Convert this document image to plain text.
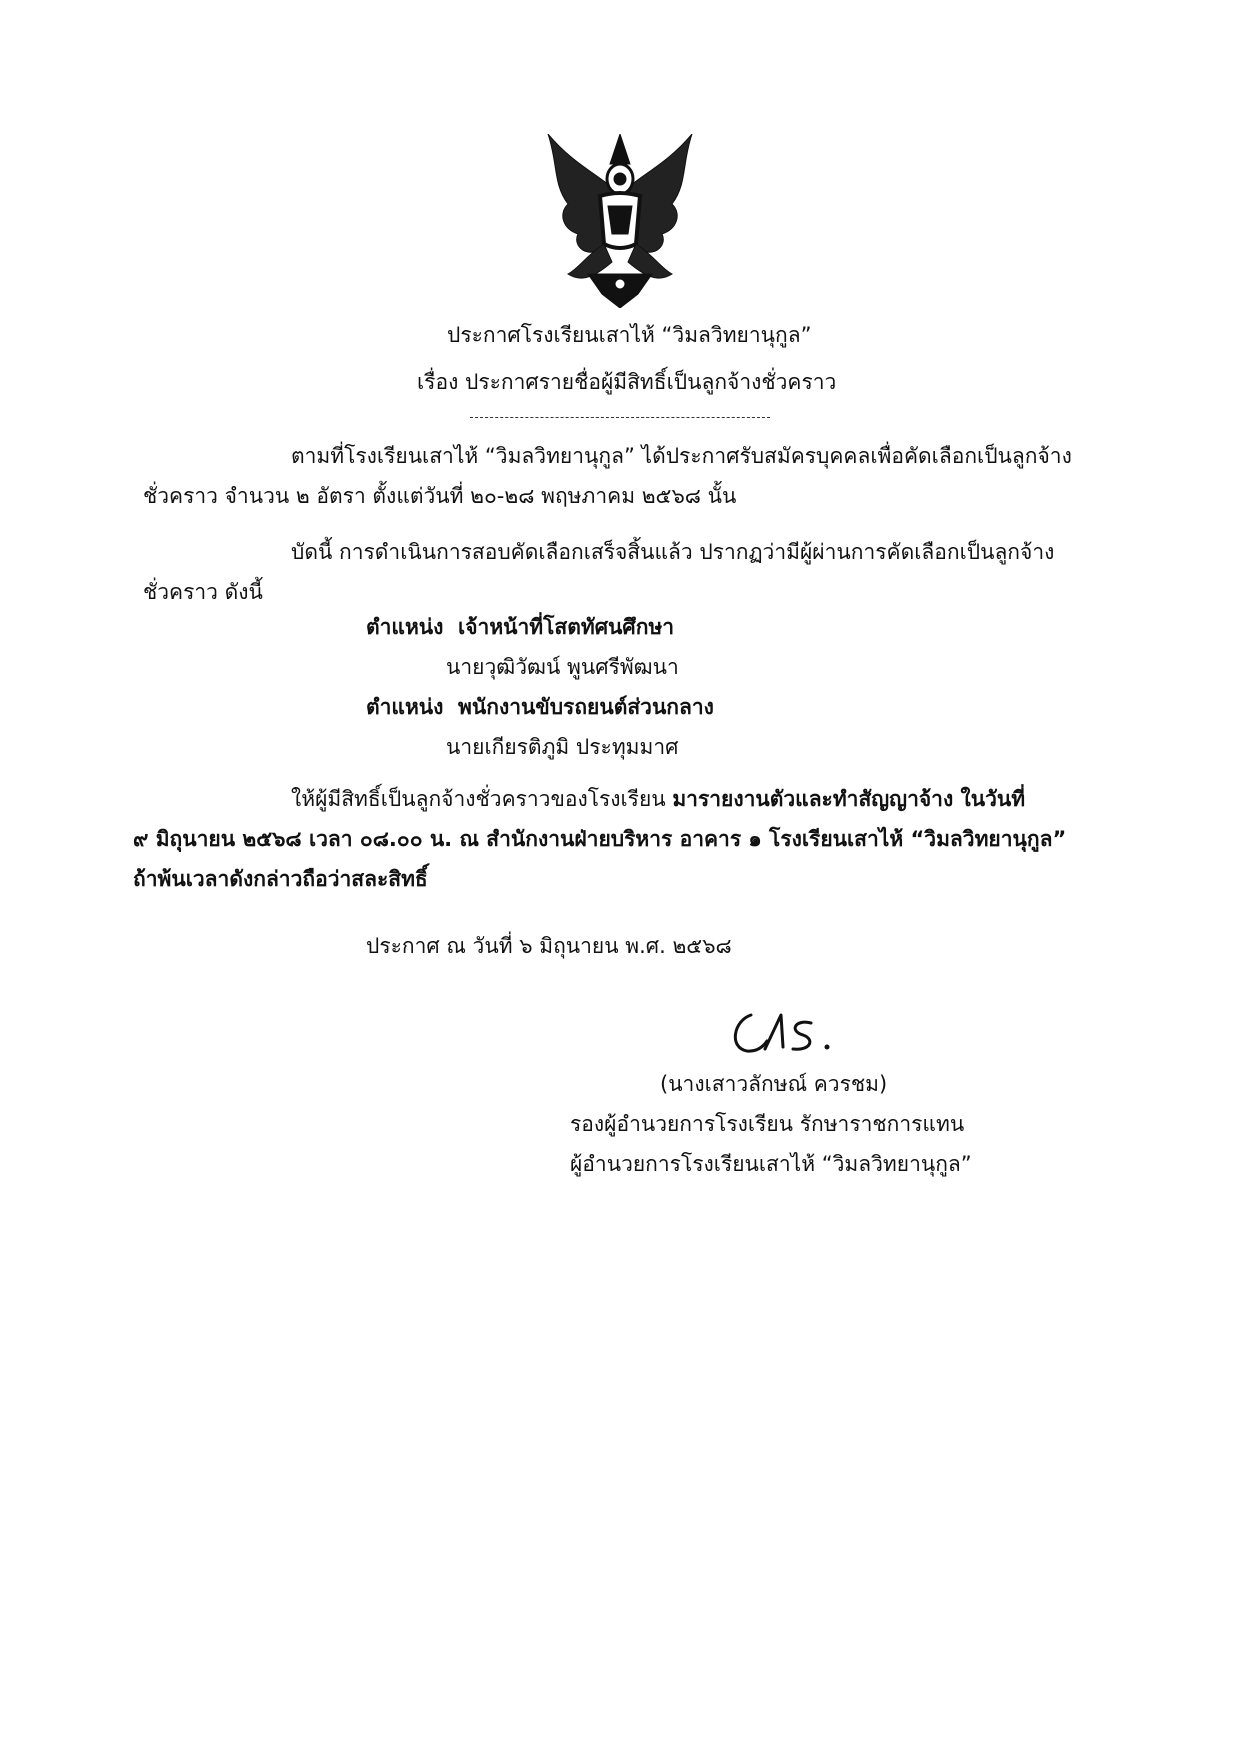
ประกาศโรงเรียนเสาไห้ “วิมลวิทยานุกูล”
เรื่อง ประกาศรายชื่อผู้มีสิทธิ์เป็นลูกจ้างชั่วคราว
ตามที่โรงเรียนเสาไห้ “วิมลวิทยานุกูล” ได้ประกาศรับสมัครบุคคลเพื่อคัดเลือกเป็นลูกจ้าง
ชั่วคราว จำนวน ๒ อัตรา ตั้งแต่วันที่ ๒๐-๒๘ พฤษภาคม ๒๕๖๘ นั้น
บัดนี้ การดำเนินการสอบคัดเลือกเสร็จสิ้นแล้ว ปรากฏว่ามีผู้ผ่านการคัดเลือกเป็นลูกจ้าง
ชั่วคราว ดังนี้
ตำแหน่ง เจ้าหน้าที่โสตทัศนศึกษา
นายวุฒิวัฒน์ พูนศรีพัฒนา
ตำแหน่ง พนักงานขับรถยนต์ส่วนกลาง
นายเกียรติภูมิ ประทุมมาศ
ให้ผู้มีสิทธิ์เป็นลูกจ้างชั่วคราวของโรงเรียน มารายงานตัวและทำสัญญาจ้าง ในวันที่
๙ มิถุนายน ๒๕๖๘ เวลา ๐๘.๐๐ น. ณ สำนักงานฝ่ายบริหาร อาคาร ๑ โรงเรียนเสาไห้ “วิมลวิทยานุกูล”
ถ้าพ้นเวลาดังกล่าวถือว่าสละสิทธิ์
ประกาศ ณ วันที่ ๖ มิถุนายน พ.ศ. ๒๕๖๘
(นางเสาวลักษณ์ ควรชม)
รองผู้อำนวยการโรงเรียน รักษาราชการแทน
ผู้อำนวยการโรงเรียนเสาไห้ “วิมลวิทยานุกูล”
